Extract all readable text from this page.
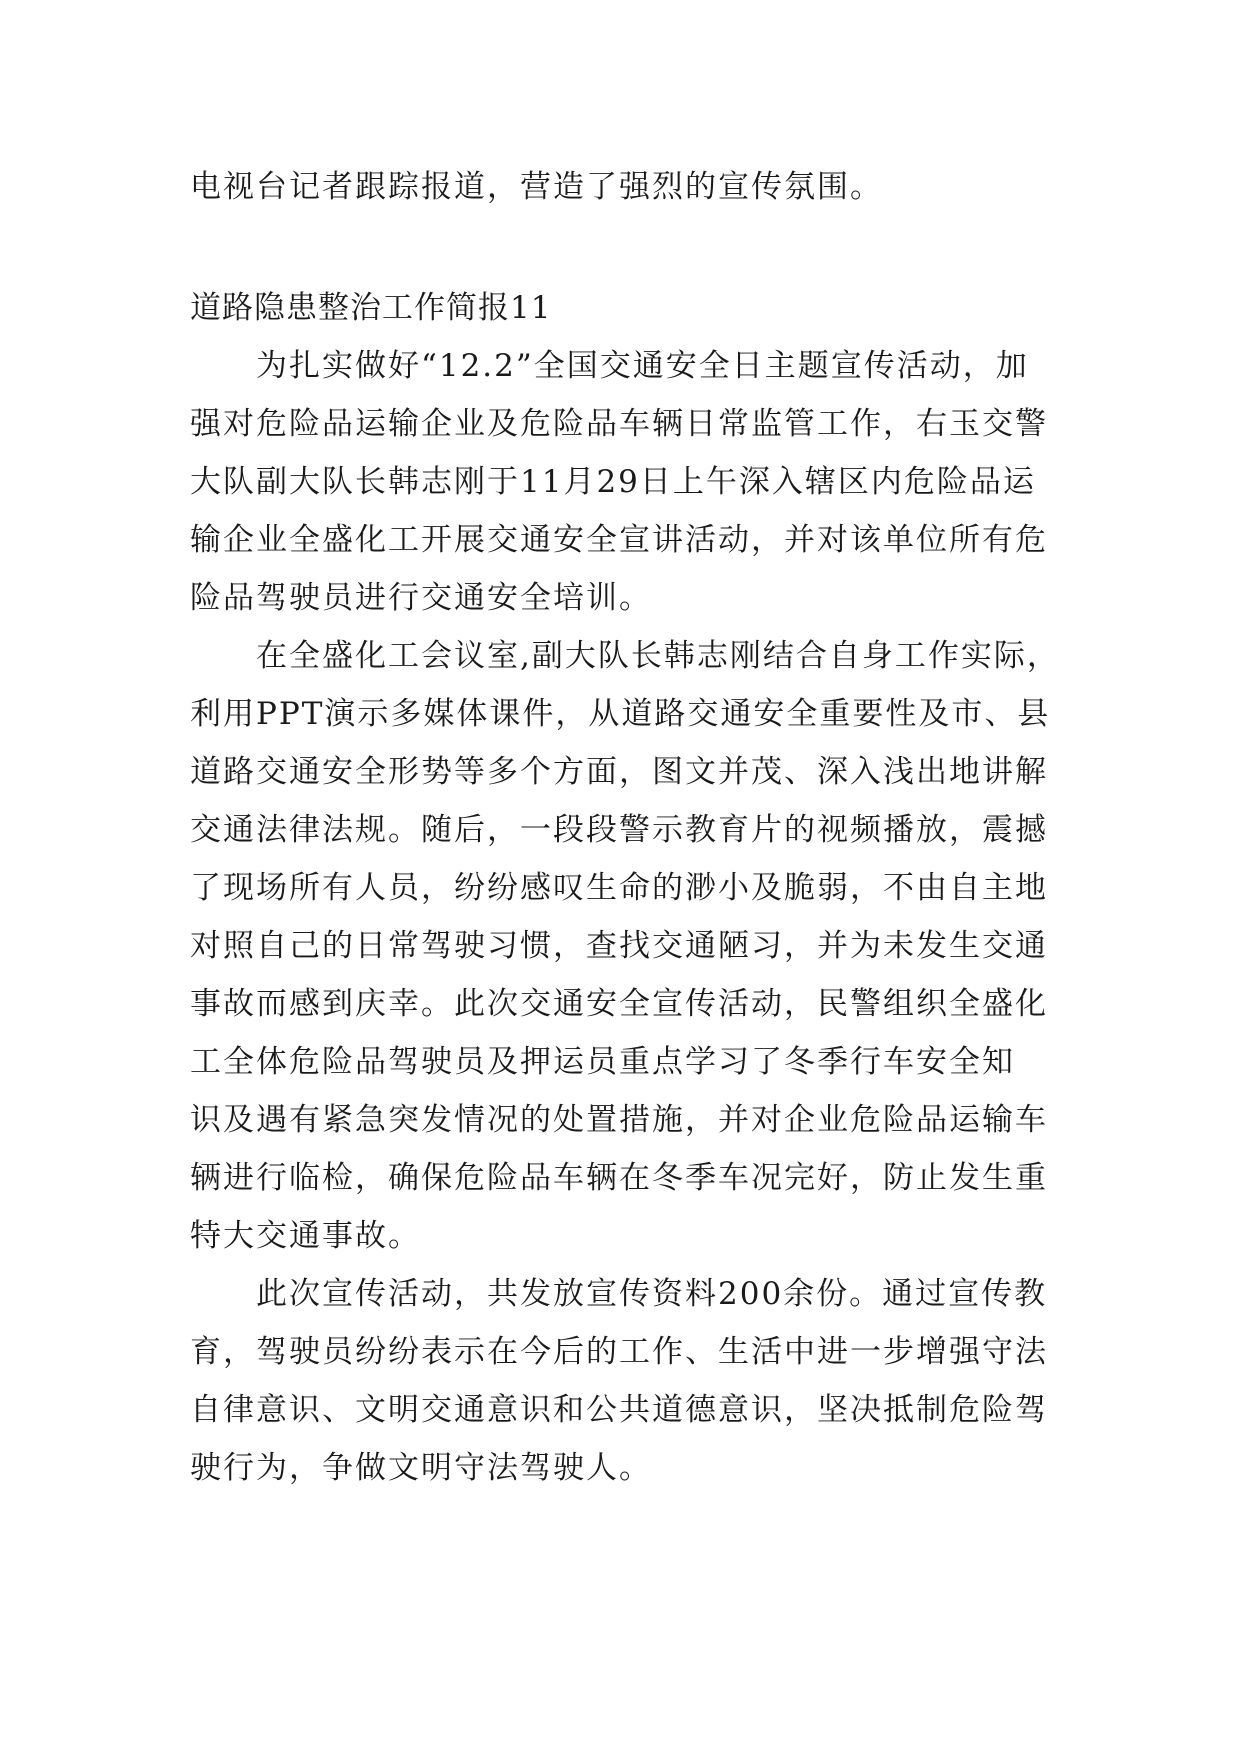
电视台记者跟踪报道，营造了强烈的宣传氛围。
道路隐患整治工作简报11
为扎实做好“12.2”全国交通安全日主题宣传活动，加
强对危险品运输企业及危险品车辆日常监管工作，右玉交警
大队副大队长韩志刚于11月29日上午深入辖区内危险品运
输企业全盛化工开展交通安全宣讲活动，并对该单位所有危
险品驾驶员进行交通安全培训。
在全盛化工会议室,副大队长韩志刚结合自身工作实际，
利用PPT演示多媒体课件，从道路交通安全重要性及市、县
道路交通安全形势等多个方面，图文并茂、深入浅出地讲解
交通法律法规。随后，一段段警示教育片的视频播放，震撼
了现场所有人员，纷纷感叹生命的渺小及脆弱，不由自主地
对照自己的日常驾驶习惯，查找交通陋习，并为未发生交通
事故而感到庆幸。此次交通安全宣传活动，民警组织全盛化
工全体危险品驾驶员及押运员重点学习了冬季行车安全知
识及遇有紧急突发情况的处置措施，并对企业危险品运输车
辆进行临检，确保危险品车辆在冬季车况完好，防止发生重
特大交通事故。
此次宣传活动，共发放宣传资料200余份。通过宣传教
育，驾驶员纷纷表示在今后的工作、生活中进一步增强守法
自律意识、文明交通意识和公共道德意识，坚决抵制危险驾
驶行为，争做文明守法驾驶人。
